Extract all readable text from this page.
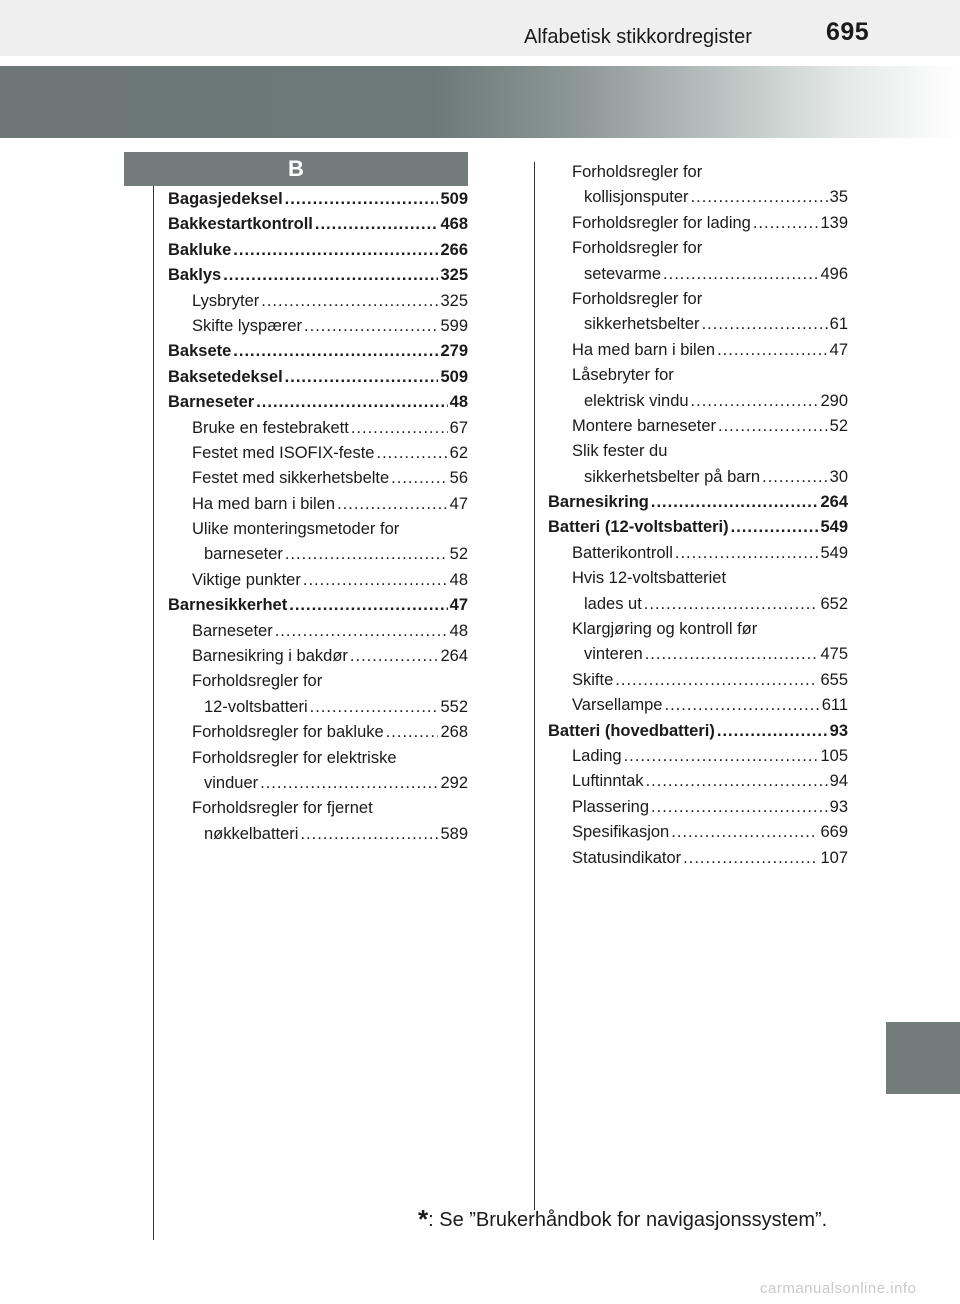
Alfabetisk stikkordregister	695
B
Bagasjedeksel .....	509
Bakkestartkontroll .....	468
Bakluke .....	266
Baklys .....	325
Lysbryter .....	325
Skifte lyspærer .....	599
Baksete .....	279
Baksetedeksel .....	509
Barneseter .....	48
Bruke en festebrakett .....	67
Festet med ISOFIX-feste .....	62
Festet med sikkerhetsbelte .....	56
Ha med barn i bilen .....	47
Ulike monteringsmetoder for
barneseter .....	52
Viktige punkter .....	48
Barnesikkerhet .....	47
Barneseter .....	48
Barnesikring i bakdør .....	264
Forholdsregler for
12-voltsbatteri .....	552
Forholdsregler for bakluke .....	268
Forholdsregler for elektriske
vinduer .....	292
Forholdsregler for fjernet
nøkkelbatteri .....	589
Forholdsregler for
kollisjonsputer .....	35
Forholdsregler for lading .....	139
Forholdsregler for
setevarme .....	496
Forholdsregler for
sikkerhetsbelter .....	61
Ha med barn i bilen .....	47
Låsebryter for
elektrisk vindu .....	290
Montere barneseter .....	52
Slik fester du
sikkerhetsbelter på barn .....	30
Barnesikring .....	264
Batteri (12-voltsbatteri) .....	549
Batterikontroll .....	549
Hvis 12-voltsbatteriet
lades ut .....	652
Klargjøring og kontroll før
vinteren .....	475
Skifte .....	655
Varsellampe .....	611
Batteri (hovedbatteri) .....	93
Lading .....	105
Luftinntak .....	94
Plassering .....	93
Spesifikasjon .....	669
Statusindikator .....	107
*: Se ”Brukerhåndbok for navigasjonssystem”.
carmanualsonline.info
